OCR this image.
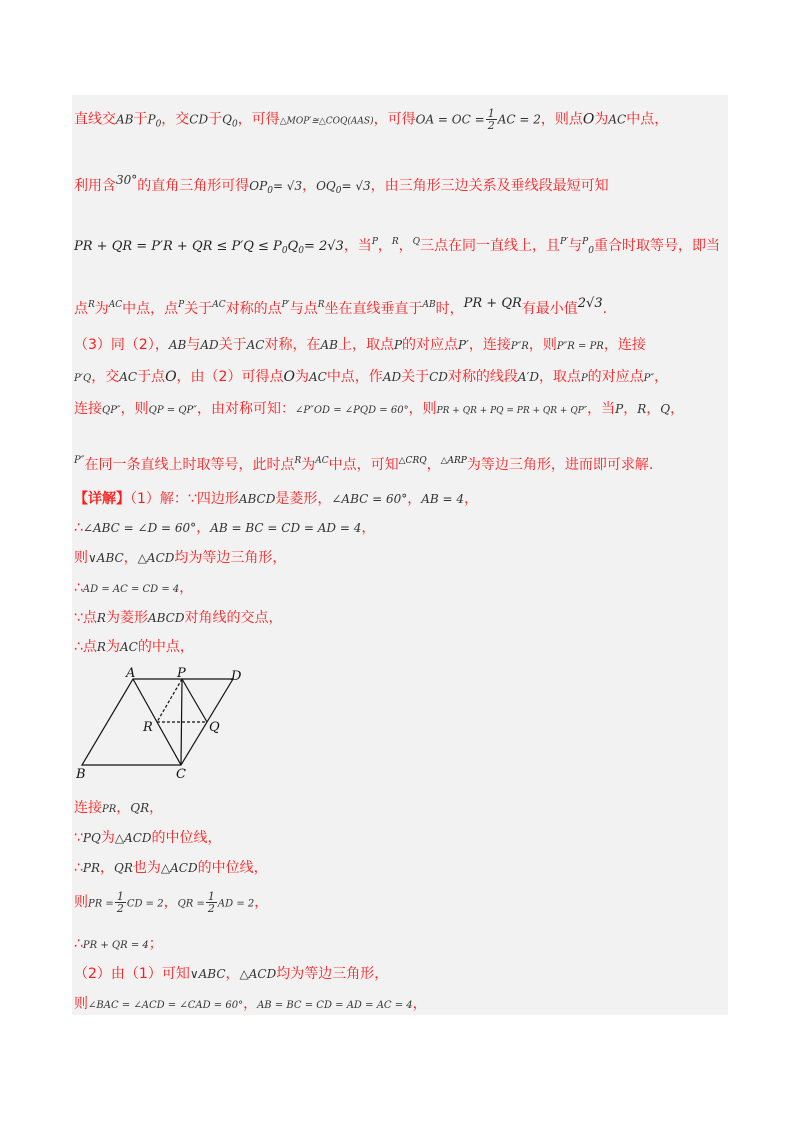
直线交AB于$P_0$，交CD于$Q_0$，可得△MOP′≅△COQ(AAS)，可得OA = OC = $\frac{1}{2}$ AC = 2，则点O为AC中点，
利用含30°的直角三角形可得$OP_0= √3$，$OQ_0= √3$，由三角形三边关系及垂线段最短可知
PR + QR = P′R + QR ≤ $P'Q \le P_0Q_0= 2√3$，当$^P$，$^R$，$^Q$三点在同一直线上，且$^{P'}$与$^P_0$重合时取等号，即当
点$^R$为$^{AC}$中点，点$^P$关于$^{AC}$对称的点$^{P'}$与点$^R$坐在直线垂直于$^{AB}$时，PR + QR有最小值2√3.
（3）同（2），AB与AD关于AC对称，在AB上，取点P的对应点P′，连接P″R，则P″R = PR，连接
P′Q，交AC于点O，由（2）可得点O为AC中点，作AD关于CD对称的线段A′D，取点P的对应点P″，
连接QP″，则QP = QP″，由对称可知：∠P″OD = ∠PQD = 60°，则PR + QR + PQ = PR + QR + QP″，当P，R，Q，
$^{P''}$在同一条直线上时取等号，此时点$^R$为$^{AC}$中点，可知$^{\triangle CRQ}$，$^{\triangle ARP}$为等边三角形，进而即可求解.
【详解】（1）解：∵四边形ABCD是菱形，∠ABC = 60°，AB = 4，
∴∠ABC = ∠D = 60°，AB = BC = CD = AD = 4，
则∨ABC，△ACD均为等边三角形，
∴AD = AC = CD = 4，
∵点R为菱形ABCD对角线的交点，
∴点R为AC的中点，
A	P	D
R	Q
B	C
连接PR，QR，
∵PQ为△ACD的中位线，
∴PR，QR也为△ACD的中位线，
则PR = $\frac{1}{2}$ CD = 2，QR = $\frac{1}{2}$ AD = 2，
∴PR + QR = 4；
（2）由（1）可知∨ABC，△ACD均为等边三角形，
则∠BAC = ∠ACD = ∠CAD = 60°，AB = BC = CD = AD = AC = 4，
